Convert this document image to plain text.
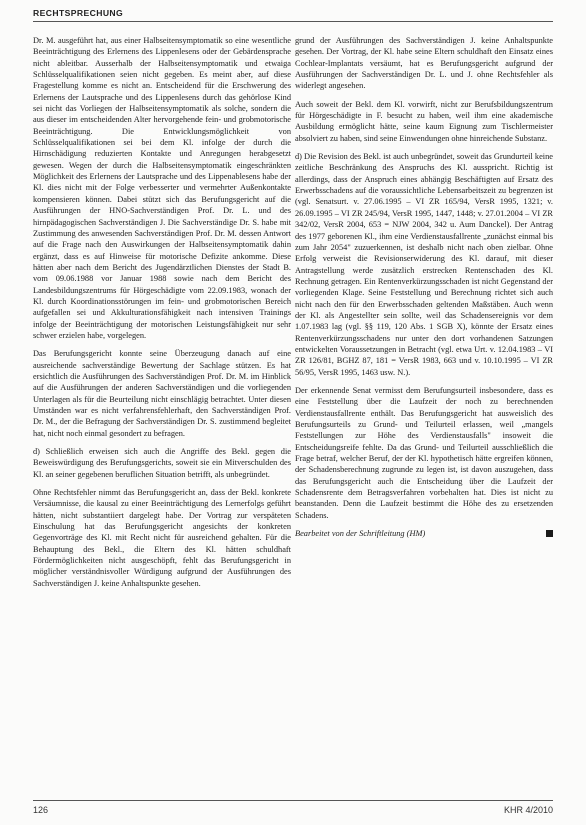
RECHTSPRECHUNG

Dr. M. ausgeführt hat, aus einer Halbseitensymptomatik so eine wesentliche Beeinträchtigung des Erlernens des Lippenlesens oder der Gebärdensprache nicht ableitbar. Ausserhalb der Halbseitensymptomatik und etwaiga Schlüsselqualifikationen seien nicht gegeben. Es meint aber, auf diese Fragestellung komme es nicht an. Entscheidend für die Erschwerung des Erlernens der Lautsprache und des Lippenlesens durch das gehörlose Kind sei nicht das Vorliegen der Halbseitensymptomatik als solche, sondern die aus dieser im entscheidenden Alter hervorgehende fein- und grobmotorische Beeinträchtigung. Die Entwicklungsmöglichkeit von Schlüsselqualifikationen sei bei dem Kl. infolge der durch die Hirnschädigung reduzierten Kontakte und Anregungen herabgesetzt gewesen. Wegen der durch die Halbseitensymptomatik eingeschränkten Möglichkeit des Erlernens der Lautsprache und des Lippenablesens habe der Kl. dies nicht mit der Folge verbesserter und vermehrter Außenkontakte kompensieren können. Dabei stützt sich das Berufungsgericht auf die Ausführungen der HNO-Sachverständigen Prof. Dr. L. und des hirnpädagogischen Sachverständigen J. Die Sachverständige Dr. S. habe mit Zustimmung des anwesenden Sachverständigen Prof. Dr. M. dessen Antwort auf die Frage nach den Auswirkungen der Halbseitensymptomatik dahin ergänzt, dass es auf Hinweise für motorische Defizite ankomme. Diese hätten aber nach dem Bericht des Jugendärztlichen Dienstes der Stadt B. vom 09.06.1988 vor Januar 1988 sowie nach dem Bericht des Landesbildungszentrums für Hörgeschädigte vom 22.09.1983, wonach der Kl. durch Koordinationsstörungen im fein- und grobmotorischen Bereich aufgefallen sei und Akkulturationsfähigkeit nach intensiven Trainings infolge der Beeinträchtigung der motorischen Leistungsfähigkeit nur sehr schwer erzielen habe, vorgelegen.

Das Berufungsgericht konnte seine Überzeugung danach auf eine ausreichende sachverständige Bewertung der Sachlage stützen. Es hat ersichtlich die Ausführungen des Sachverständigen Prof. Dr. M. im Hinblick auf die Ausführungen der anderen Sachverständigen und die vorliegenden Unterlagen als für die Beurteilung nicht einschlägig betrachtet. Unter diesen Umständen war es nicht verfahrensfehlerhaft, den Sachverständigen Prof. Dr. M., der die Befragung der Sachverständigen Dr. S. zustimmend begleitet hat, nicht noch einmal gesondert zu befragen.

d) Schließlich erweisen sich auch die Angriffe des Bekl. gegen die Beweiswürdigung des Berufungsgerichts, soweit sie ein Mitverschulden des Kl. an seiner gegebenen beruflichen Situation betrifft, als unbegründet.

Ohne Rechtsfehler nimmt das Berufungsgericht an, dass der Bekl. konkrete Versäumnisse, die kausal zu einer Beeinträchtigung des Lernerfolgs geführt hätten, nicht substantiiert dargelegt habe. Der Vortrag zur verspäteten Einschulung hat das Berufungsgericht angesichts der konkreten Gegenvorträge des Kl. mit Recht nicht für ausreichend gehalten. Für die Behauptung des Bekl., die Eltern des Kl. hätten schuldhaft Fördermöglichkeiten nicht ausgeschöpft, fehlt das Berufungsgericht in möglicher verständnisvoller Würdigung aufgrund der Ausführungen des Sachverständigen J. keine Anhaltspunkte gesehen.

grund der Ausführungen des Sachverständigen J. keine Anhaltspunkte gesehen. Der Vortrag, der Kl. habe seine Eltern schuldhaft den Einsatz eines Cochlear-Implantats versäumt, hat es Berufungsgericht aufgrund der Ausführungen der Sachverständigen Dr. L. und J. ohne Rechtsfehler als widerlegt angesehen.

Auch soweit der Bekl. dem Kl. vorwirft, nicht zur Berufsbildungszentrum für Hörgeschädigte in F. besucht zu haben, weil ihm eine akademische Ausbildung ermöglicht hätte, seine kaum Eignung zum Tischlermeister absolviert zu haben, sind seine Einwendungen ohne hinreichende Substanz.

d) Die Revision des Bekl. ist auch unbegründet, soweit das Grundurteil keine zeitliche Beschränkung des Anspruchs des Kl. ausspricht. Richtig ist allerdings, dass der Anspruch eines abhängig Beschäftigten auf Ersatz des Erwerbsschadens auf die voraussichtliche Lebensarbeitszeit zu begrenzen ist (vgl. Senatsurt. v. 27.06.1995 – VI ZR 165/94, VersR 1995, 1321; v. 26.09.1995 – VI ZR 245/94, VersR 1995, 1447, 1448; v. 27.01.2004 – VI ZR 342/02, VersR 2004, 653 = NJW 2004, 342 u. Aum Danckel). Der Antrag des 1977 geborenen Kl., ihm eine Verdienstausfallrente „zunächst einmal bis zum Jahr 2054" zuzuerkennen, ist deshalb nicht nach oben zielbar. Ohne Erfolg verweist die Revisionserwiderung des Kl. darauf, mit dieser Antragstellung werde zusätzlich erstrecken Rentenschaden des Kl. Rechnung getragen. Ein Rentenverkürzungsschaden ist nicht Gegenstand der vorliegenden Klage. Seine Feststellung und Berechnung richtet sich auch nicht nach den für den Erwerbsschaden geltenden Maßstäben. Auch wenn der Kl. als Angestellter sein sollte, weil das Schadensereignis vor dem 1.07.1983 lag (vgl. §§ 119, 120 Abs. 1 SGB X), könnte der Ersatz eines Rentenverkürzungsschadens nur unter den dort vorhandenen Satzungen entwickelten Voraussetzungen in Betracht (vgl. etwa Urt. v. 12.04.1983 – VI ZR 126/81, BGHZ 87, 181 = VersR 1983, 663 und v. 10.10.1995 – VI ZR 56/95, VersR 1995, 1463 usw. N.).

Der erkennende Senat vermisst dem Berufungsurteil insbesondere, dass es eine Feststellung über die Laufzeit der noch zu berechnenden Verdienstausfallrente enthält. Das Berufungsgericht hat ausweislich des Berufungsurteils zu Grund- und Teilurteil erlassen, weil „mangels Feststellungen zur Höhe des Verdienstausfalls" insoweit die Entscheidungsreife fehlte. Da das Grund- und Teilurteil ausschließlich die Frage betraf, welcher Beruf, der der Kl. hypothetisch hätte ergreifen können, der Schadensberechnung zugrunde zu legen ist, ist davon auszugehen, dass das Berufungsgericht auch die Entscheidung über die Laufzeit der Schadensrente dem Betragsverfahren vorbehalten hat. Dies ist nicht zu beanstanden. Denn die Laufzeit bestimmt die Höhe des zu ersetzenden Schadens.

Bearbeitet von der Schriftleitung (HM)
126	KHR 4/2010
